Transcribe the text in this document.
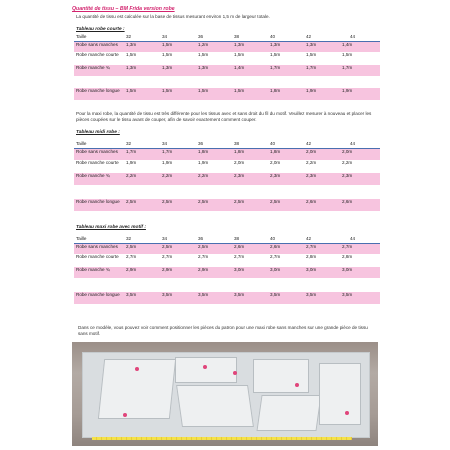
Quantité de tissu – BM Frida version robe
La quantité de tissu est calculée sur la base de tissus mesurant environ 1,5 m de largeur totale.
Tableau robe courte :
Taille	32	34	36	38	40	42	44
Robe sans manches	1,3m	1,5m	1,2m	1,3m	1,3m	1,3m	1,4m
Robe manche courte	1,5m	1,5m	1,5m	1,5m	1,5m	1,5m	1,5m
Robe manche ¾	1,3m	1,3m	1,3m	1,4m	1,7m	1,7m	1,7m

Robe manche longue	1,5m	1,5m	1,5m	1,5m	1,8m	1,9m	1,9m
Pour la maxi robe, la quantité de tissu est très différente pour les tissus avec et sans droit du fil du motif. Veuillez mesurer à nouveau et placer les pièces coupées sur le tissu avant de couper, afin de savoir exactement comment couper.
Tableau midi robe :
Taille	32	34	36	38	40	42	44
Robe sans manches	1,7m	1,7m	1,8m	1,8m	1,8m	2,0m	2,0m
Robe manche courte	1,9m	1,9m	1,9m	2,0m	2,0m	2,2m	2,2m
Robe manche ¾	2,2m	2,2m	2,2m	2,3m	2,3m	2,3m	2,3m

Robe manche longue	2,5m	2,5m	2,5m	2,5m	2,5m	2,6m	2,6m
Tableau maxi robe avec motif :
Taille	32	34	36	38	40	42	44
Robe sans manches	2,5m	2,5m	2,5m	2,6m	2,6m	2,7m	2,7m
Robe manche courte	2,7m	2,7m	2,7m	2,7m	2,7m	2,8m	2,8m
Robe manche ¾	2,9m	2,9m	2,9m	3,0m	3,0m	3,0m	3,0m

Robe manche longue	3,5m	3,5m	3,5m	3,5m	3,5m	3,5m	3,5m
Dans ce modèle, vous pouvez voir comment positionner les pièces du patron pour une maxi robe sans manches sur une grande pièce de tissu sans motif.
